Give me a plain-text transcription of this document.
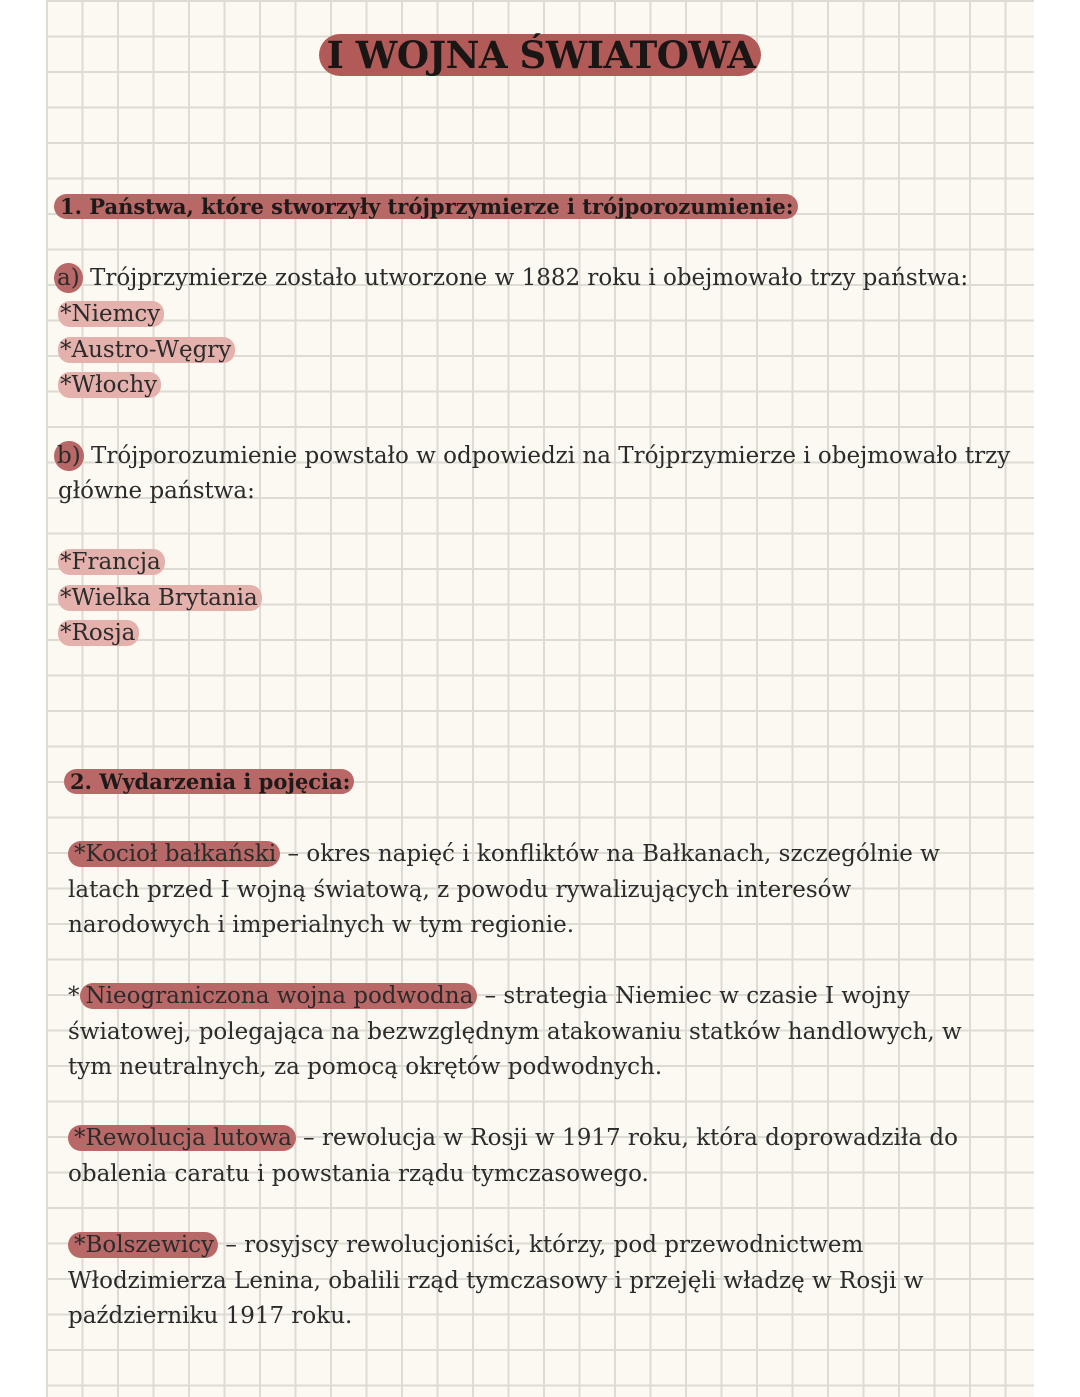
I WOJNA ŚWIATOWA
1. Państwa, które stworzyły trójprzymierze i trójporozumienie:
a) Trójprzymierze zostało utworzone w 1882 roku i obejmowało trzy państwa:
*Niemcy
*Austro-Węgry
*Włochy
b) Trójporozumienie powstało w odpowiedzi na Trójprzymierze i obejmowało trzy
główne państwa:
*Francja
*Wielka Brytania
*Rosja
2. Wydarzenia i pojęcia:
*Kocioł bałkański – okres napięć i konfliktów na Bałkanach, szczególnie w
latach przed I wojną światową, z powodu rywalizujących interesów
narodowych i imperialnych w tym regionie.
* Nieograniczona wojna podwodna – strategia Niemiec w czasie I wojny
światowej, polegająca na bezwzględnym atakowaniu statków handlowych, w
tym neutralnych, za pomocą okrętów podwodnych.
*Rewolucja lutowa – rewolucja w Rosji w 1917 roku, która doprowadziła do
obalenia caratu i powstania rządu tymczasowego.
*Bolszewicy – rosyjscy rewolucjoniści, którzy, pod przewodnictwem
Włodzimierza Lenina, obalili rząd tymczasowy i przejęli władzę w Rosji w
październiku 1917 roku.
